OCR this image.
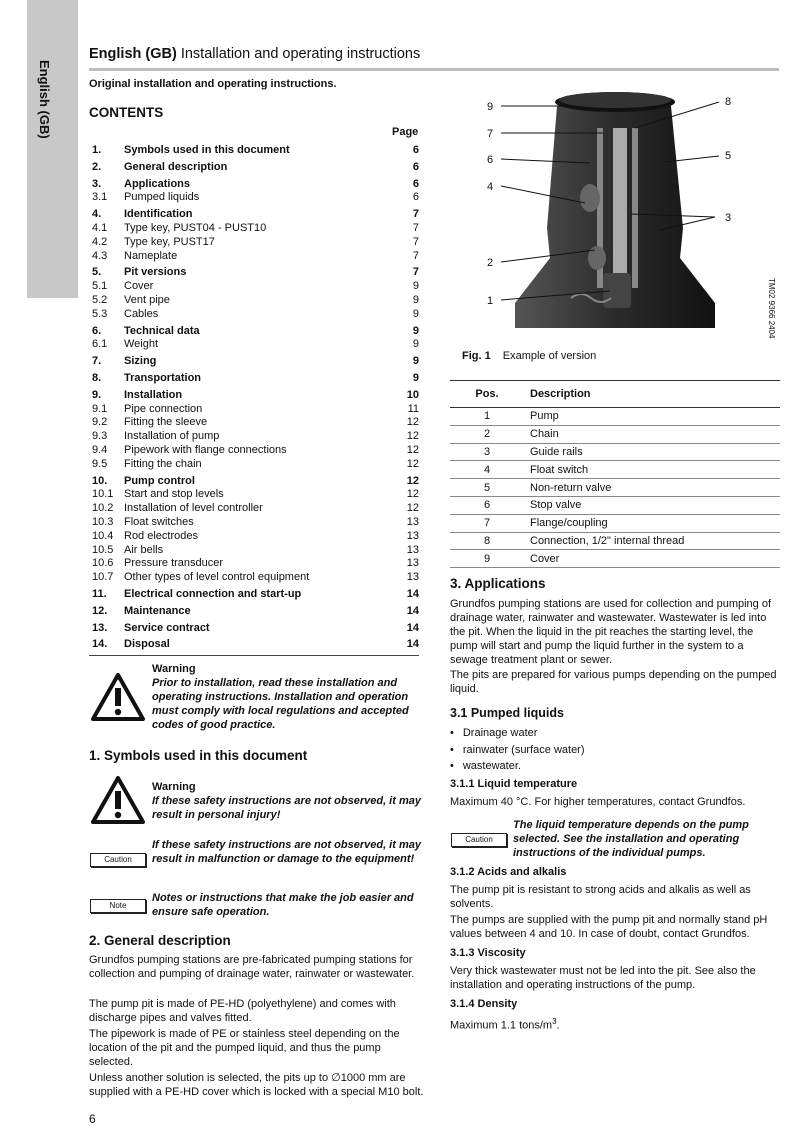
English (GB)
English (GB) Installation and operating instructions
Original installation and operating instructions.
CONTENTS
Page
1. Symbols used in this document	6
2. General description	6
3. Applications	6
3.1 Pumped liquids	6
4. Identification	7
4.1 Type key, PUST04 - PUST10	7
4.2 Type key, PUST17	7
4.3 Nameplate	7
5. Pit versions	7
5.1 Cover	9
5.2 Vent pipe	9
5.3 Cables	9
6. Technical data	9
6.1 Weight	9
7. Sizing	9
8. Transportation	9
9. Installation	10
9.1 Pipe connection	11
9.2 Fitting the sleeve	12
9.3 Installation of pump	12
9.4 Pipework with flange connections	12
9.5 Fitting the chain	12
10. Pump control	12
10.1 Start and stop levels	12
10.2 Installation of level controller	12
10.3 Float switches	13
10.4 Rod electrodes	13
10.5 Air bells	13
10.6 Pressure transducer	13
10.7 Other types of level control equipment	13
11. Electrical connection and start-up	14
12. Maintenance	14
13. Service contract	14
14. Disposal	14
Warning
Prior to installation, read these installation and operating instructions. Installation and operation must comply with local regulations and accepted codes of good practice.
1. Symbols used in this document
Warning
If these safety instructions are not observed, it may result in personal injury!
Caution
If these safety instructions are not observed, it may result in malfunction or damage to the equipment!
Note
Notes or instructions that make the job easier and ensure safe operation.
2. General description
Grundfos pumping stations are pre-fabricated pumping stations for collection and pumping of drainage water, rainwater or wastewater.
The pump pit is made of PE-HD (polyethylene) and comes with discharge pipes and valves fitted.
The pipework is made of PE or stainless steel depending on the location of the pit and the pumped liquid, and thus the pump selected.
Unless another solution is selected, the pits up to ∅1000 mm are supplied with a PE-HD cover which is locked with a special M10 bolt.
9
7
6
4
2
1
8
5
3
TM02 9366 2404
Fig. 1 Example of version
Pos.	Description
1	Pump
2	Chain
3	Guide rails
4	Float switch
5	Non-return valve
6	Stop valve
7	Flange/coupling
8	Connection, 1/2" internal thread
9	Cover
3. Applications
Grundfos pumping stations are used for collection and pumping of drainage water, rainwater and wastewater. Wastewater is led into the pit. When the liquid in the pit reaches the starting level, the pump will start and pump the liquid further in the system to a sewage treatment plant or sewer.
The pits are prepared for various pumps depending on the pumped liquid.
3.1 Pumped liquids
• Drainage water
• rainwater (surface water)
• wastewater.
3.1.1 Liquid temperature
Maximum 40 °C. For higher temperatures, contact Grundfos.
Caution
The liquid temperature depends on the pump selected. See the installation and operating instructions of the individual pumps.
3.1.2 Acids and alkalis
The pump pit is resistant to strong acids and alkalis as well as solvents.
The pumps are supplied with the pump pit and normally stand pH values between 4 and 10. In case of doubt, contact Grundfos.
3.1.3 Viscosity
Very thick wastewater must not be led into the pit. See also the installation and operating instructions of the pump.
3.1.4 Density
Maximum 1.1 tons/$m^3$.
6
